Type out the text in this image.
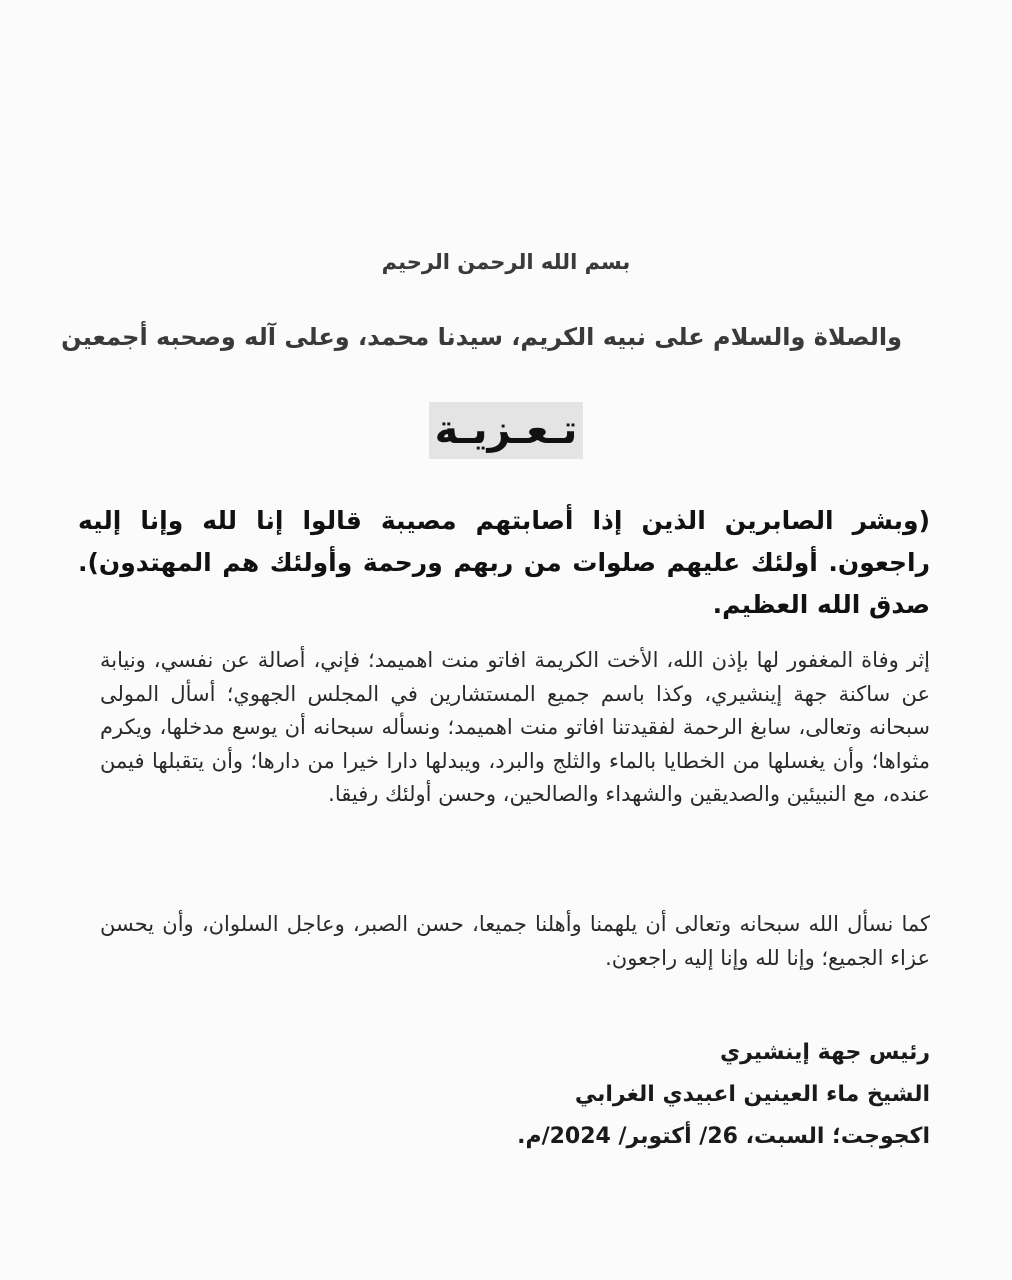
بسم الله الرحمن الرحيم
والصلاة والسلام على نبيه الكريم، سيدنا محمد، وعلى آله وصحبه أجمعين
تـعـزيـة
(وبشر الصابرين الذين إذا أصابتهم مصيبة قالوا إنا لله وإنا إليه راجعون. أولئك عليهم صلوات من ربهم ورحمة وأولئك هم المهتدون). صدق الله العظيم.
إثر وفاة المغفور لها بإذن الله، الأخت الكريمة افاتو منت اهميمد؛ فإني، أصالة عن نفسي، ونيابة عن ساكنة جهة إينشيري، وكذا باسم جميع المستشارين في المجلس الجهوي؛ أسأل المولى سبحانه وتعالى، سابغ الرحمة لفقيدتنا افاتو منت اهميمد؛ ونسأله سبحانه أن يوسع مدخلها، ويكرم مثواها؛ وأن يغسلها من الخطايا بالماء والثلج والبرد، ويبدلها دارا خيرا من دارها؛ وأن يتقبلها فيمن عنده، مع النبيئين والصديقين والشهداء والصالحين، وحسن أولئك رفيقا.
كما نسأل الله سبحانه وتعالى أن يلهمنا وأهلنا جميعا، حسن الصبر، وعاجل السلوان، وأن يحسن عزاء الجميع؛ وإنا لله وإنا إليه راجعون.
رئيس جهة إينشيري
الشيخ ماء العينين اعبيدي الغرابي
اكجوجت؛ السبت، 26/ أكتوبر/ 2024/م.
